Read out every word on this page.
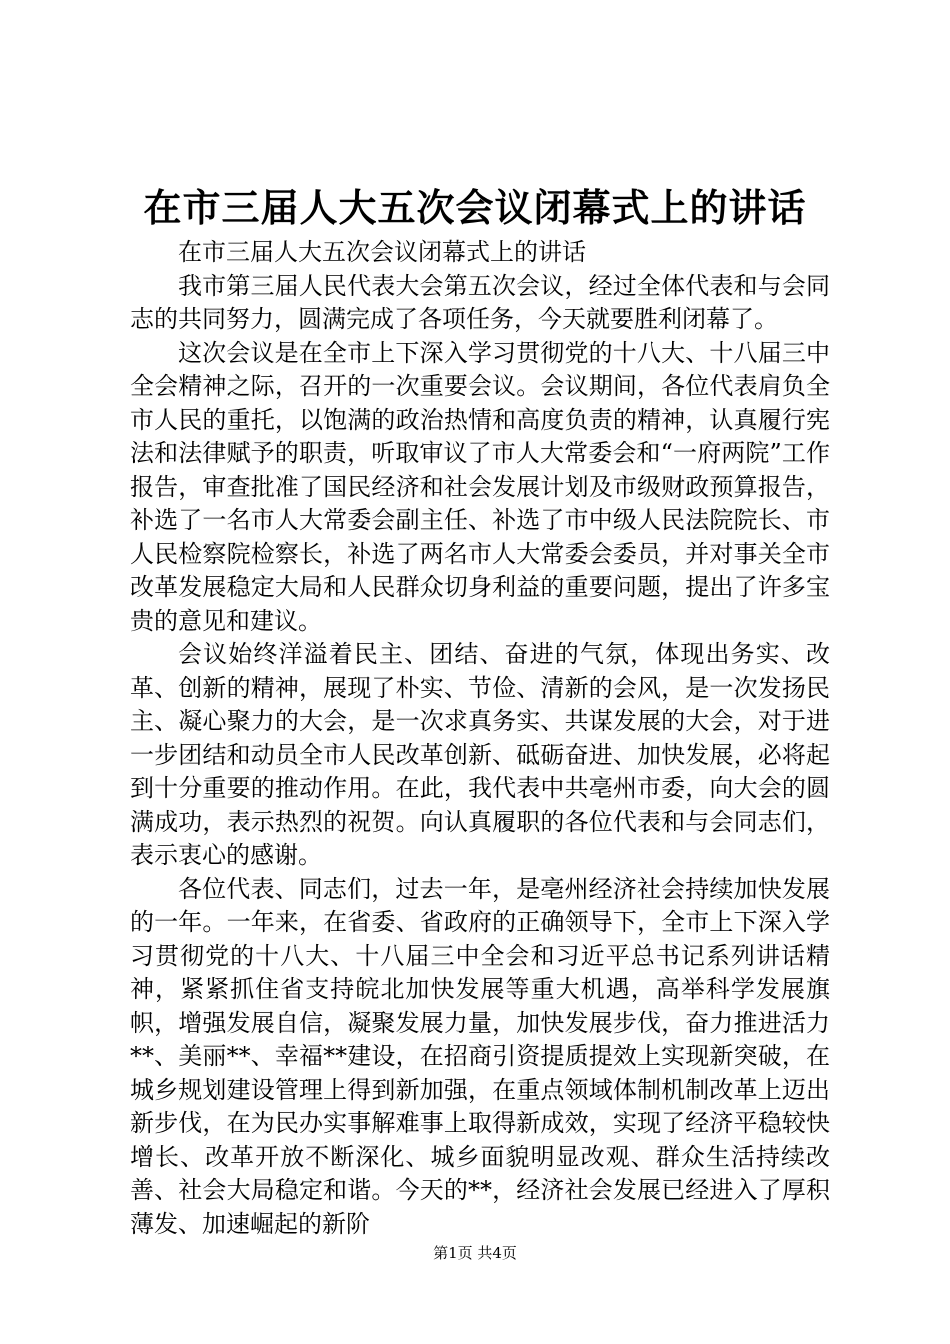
在市三届人大五次会议闭幕式上的讲话

在市三届人大五次会议闭幕式上的讲话

我市第三届人民代表大会第五次会议，经过全体代表和与会同志的共同努力，圆满完成了各项任务，今天就要胜利闭幕了。

这次会议是在全市上下深入学习贯彻党的十八大、十八届三中全会精神之际，召开的一次重要会议。会议期间，各位代表肩负全市人民的重托，以饱满的政治热情和高度负责的精神，认真履行宪法和法律赋予的职责，听取审议了市人大常委会和“一府两院”工作报告，审查批准了国民经济和社会发展计划及市级财政预算报告，补选了一名市人大常委会副主任、补选了市中级人民法院院长、市人民检察院检察长，补选了两名市人大常委会委员，并对事关全市改革发展稳定大局和人民群众切身利益的重要问题，提出了许多宝贵的意见和建议。

会议始终洋溢着民主、团结、奋进的气氛，体现出务实、改革、创新的精神，展现了朴实、节俭、清新的会风，是一次发扬民主、凝心聚力的大会，是一次求真务实、共谋发展的大会，对于进一步团结和动员全市人民改革创新、砥砺奋进、加快发展，必将起到十分重要的推动作用。在此，我代表中共亳州市委，向大会的圆满成功，表示热烈的祝贺。向认真履职的各位代表和与会同志们，表示衷心的感谢。

各位代表、同志们，过去一年，是亳州经济社会持续加快发展的一年。一年来，在省委、省政府的正确领导下，全市上下深入学习贯彻党的十八大、十八届三中全会和习近平总书记系列讲话精神，紧紧抓住省支持皖北加快发展等重大机遇，高举科学发展旗帜，增强发展自信，凝聚发展力量，加快发展步伐，奋力推进活力**、美丽**、幸福**建设，在招商引资提质提效上实现新突破，在城乡规划建设管理上得到新加强，在重点领域体制机制改革上迈出新步伐，在为民办实事解难事上取得新成效，实现了经济平稳较快增长、改革开放不断深化、城乡面貌明显改观、群众生活持续改善、社会大局稳定和谐。今天的**，经济社会发展已经进入了厚积薄发、加速崛起的新阶

第1页 共4页
